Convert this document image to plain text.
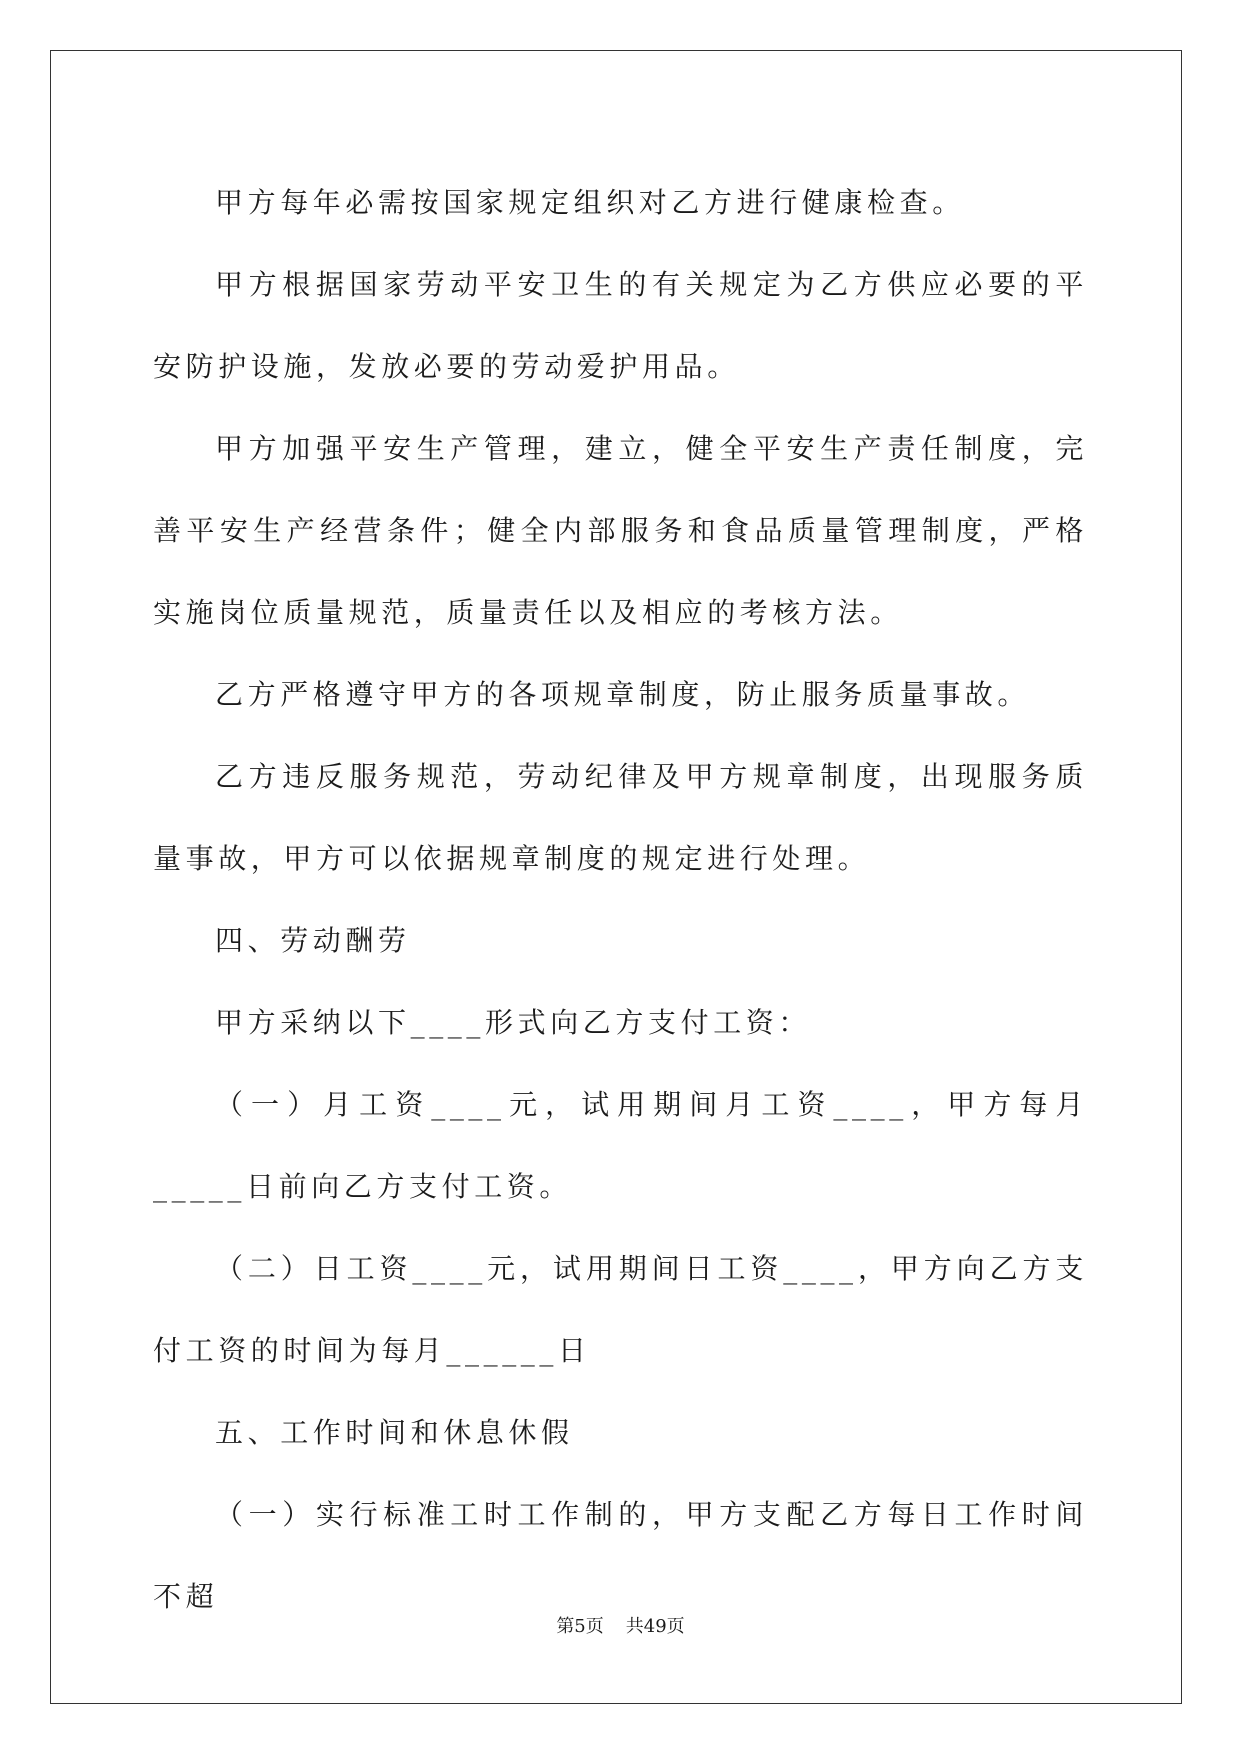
甲方每年必需按国家规定组织对乙方进行健康检查。

甲方根据国家劳动平安卫生的有关规定为乙方供应必要的平安防护设施，发放必要的劳动爱护用品。

甲方加强平安生产管理，建立，健全平安生产责任制度，完善平安生产经营条件；健全内部服务和食品质量管理制度，严格实施岗位质量规范，质量责任以及相应的考核方法。

乙方严格遵守甲方的各项规章制度，防止服务质量事故。

乙方违反服务规范，劳动纪律及甲方规章制度，出现服务质量事故，甲方可以依据规章制度的规定进行处理。

四、劳动酬劳

甲方采纳以下____形式向乙方支付工资：

（一）月工资____元，试用期间月工资____，甲方每月_____日前向乙方支付工资。

（二）日工资____元，试用期间日工资____，甲方向乙方支付工资的时间为每月______日

五、工作时间和休息休假

（一）实行标准工时工作制的，甲方支配乙方每日工作时间不超

第5页 共49页
